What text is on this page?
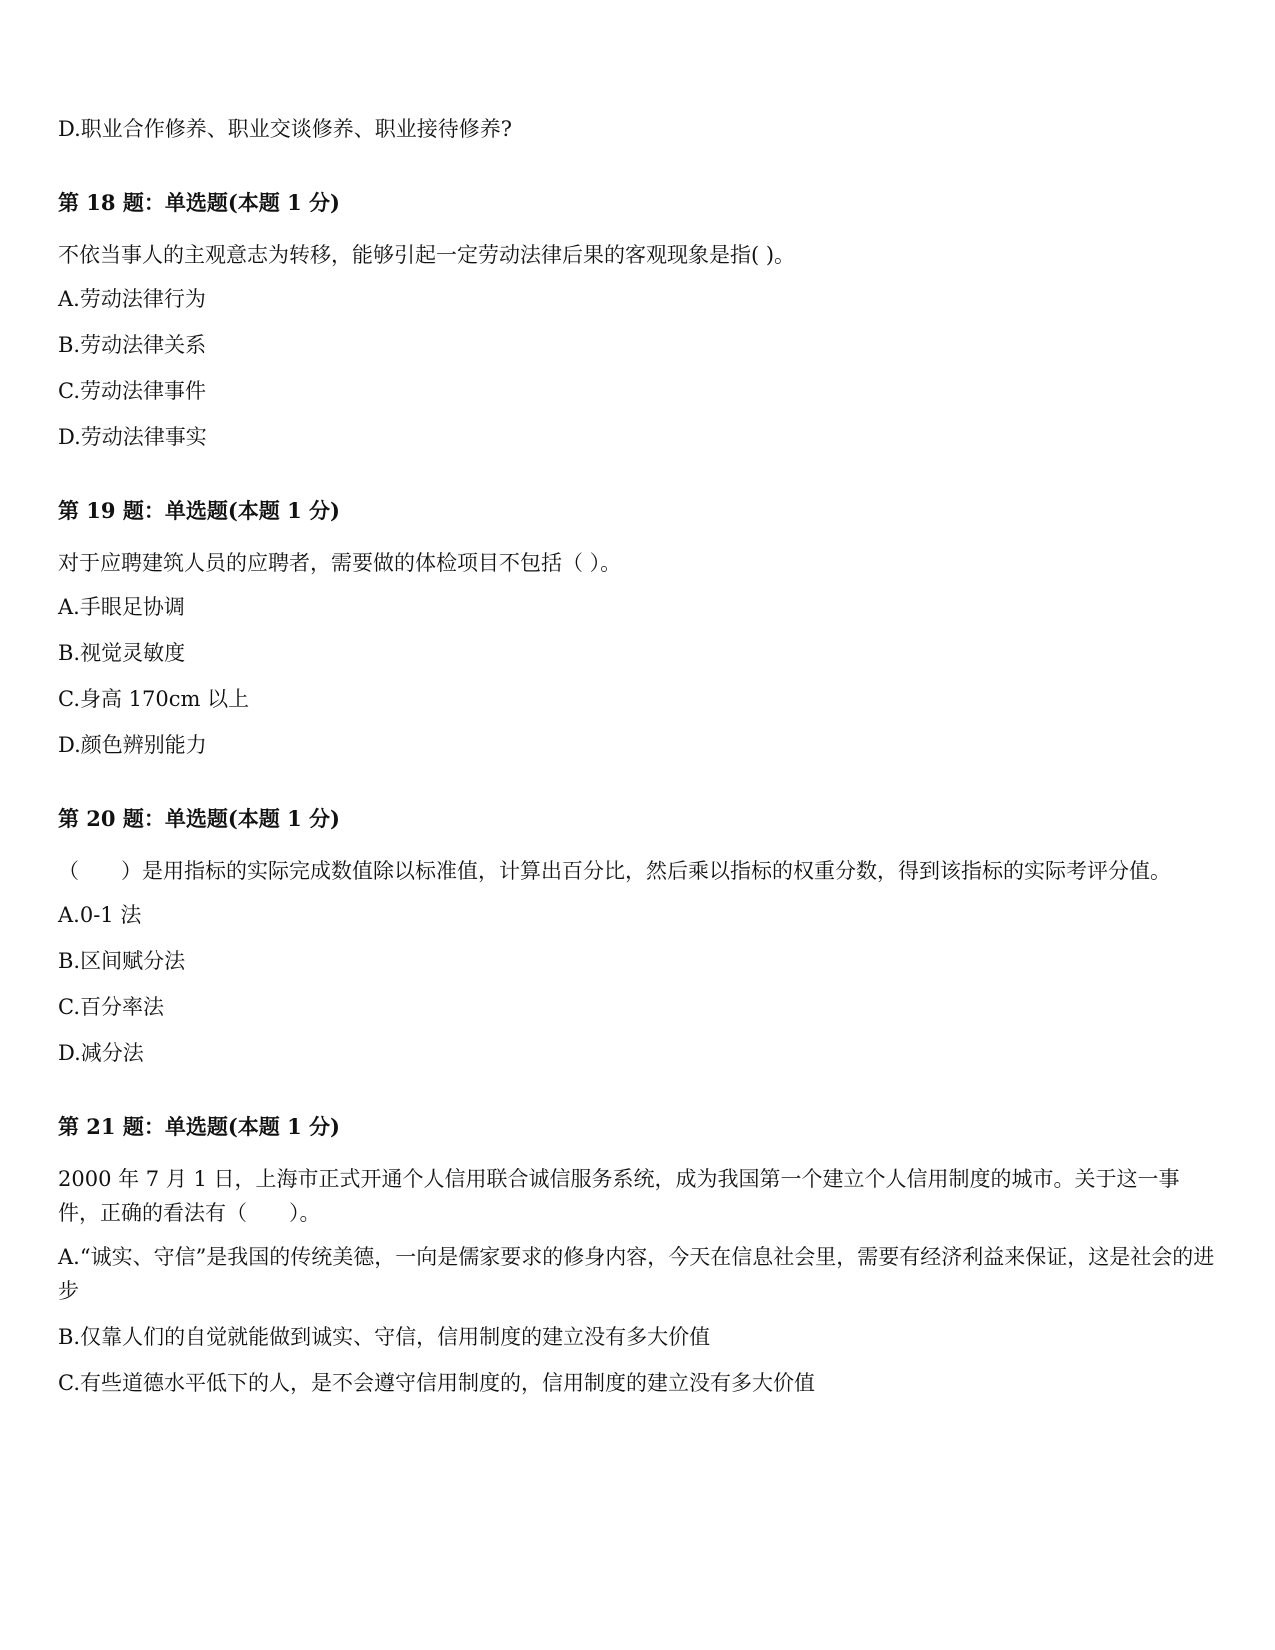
D.职业合作修养、职业交谈修养、职业接待修养?

第 18 题：单选题(本题 1 分)

不依当事人的主观意志为转移，能够引起一定劳动法律后果的客观现象是指( )。

A.劳动法律行为

B.劳动法律关系

C.劳动法律事件

D.劳动法律事实

第 19 题：单选题(本题 1 分)

对于应聘建筑人员的应聘者，需要做的体检项目不包括（ ）。

A.手眼足协调

B.视觉灵敏度

C.身高 170cm 以上

D.颜色辨别能力

第 20 题：单选题(本题 1 分)

（　　）是用指标的实际完成数值除以标准值，计算出百分比，然后乘以指标的权重分数，得到该指标的实际考评分值。

A.0-1 法

B.区间赋分法

C.百分率法

D.减分法

第 21 题：单选题(本题 1 分)

2000 年 7 月 1 日，上海市正式开通个人信用联合诚信服务系统，成为我国第一个建立个人信用制度的城市。关于这一事件，正确的看法有（　　）。

A.“诚实、守信”是我国的传统美德，一向是儒家要求的修身内容，今天在信息社会里，需要有经济利益来保证，这是社会的进步

B.仅靠人们的自觉就能做到诚实、守信，信用制度的建立没有多大价值

C.有些道德水平低下的人，是不会遵守信用制度的，信用制度的建立没有多大价值
